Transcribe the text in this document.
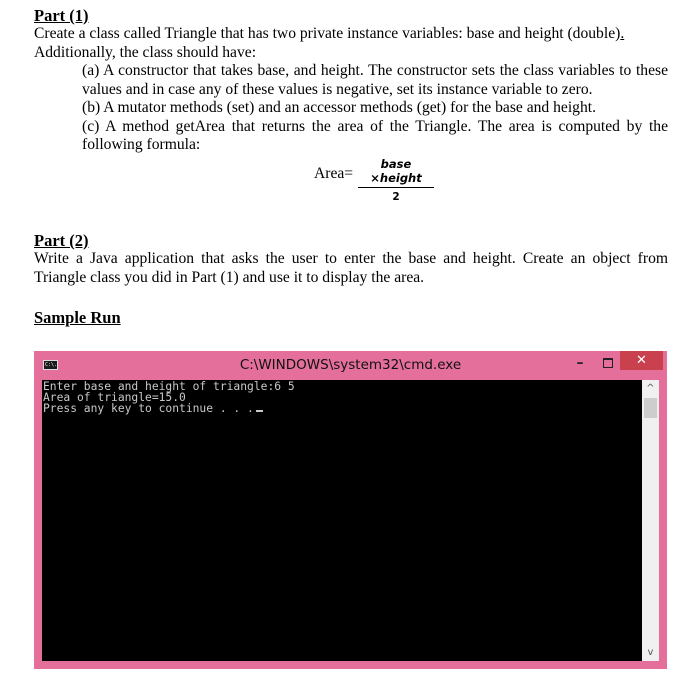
Part (1)
Create a class called Triangle that has two private instance variables: base and height (double).
Additionally, the class should have:
(a) A constructor that takes base, and height. The constructor sets the class variables to these values and in case any of these values is negative, set its instance variable to zero.
(b) A mutator methods (set) and an accessor methods (get) for the base and height.
(c) A method getArea that returns the area of the Triangle. The area is computed by the following formula:
Area=
base ×height
2
Part (2)
Write a Java application that asks the user to enter the base and height. Create an object from Triangle class you did in Part (1) and use it to display the area.
Sample Run
C:\.	C:\WINDOWS\system32\cmd.exe	–	✕
Enter base and height of triangle:6 5
Area of triangle=15.0
Press any key to continue . . .
^
v
